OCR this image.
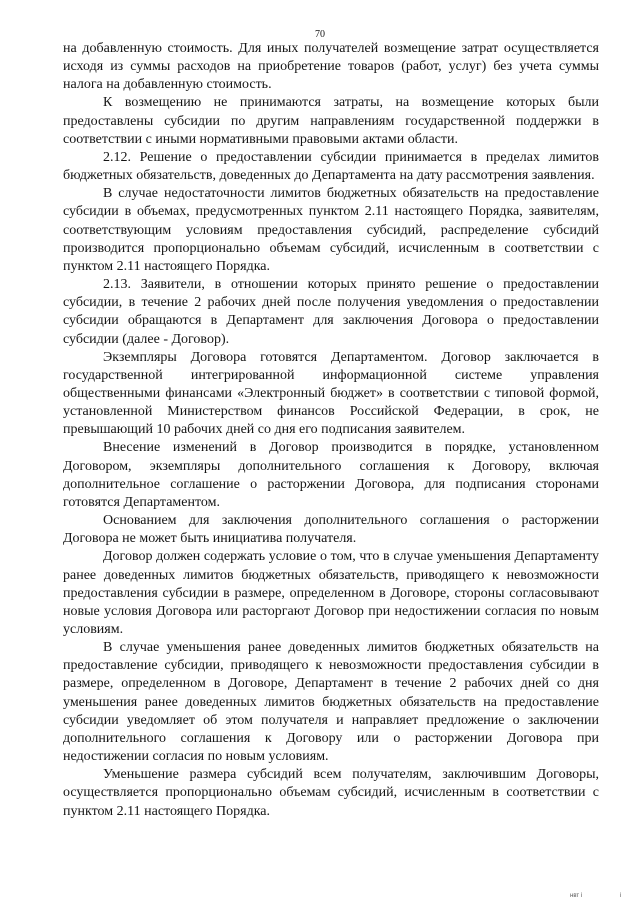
70

на добавленную стоимость. Для иных получателей возмещение затрат осуществляется исходя из суммы расходов на приобретение товаров (работ, услуг) без учета суммы налога на добавленную стоимость.

К возмещению не принимаются затраты, на возмещение которых были предоставлены субсидии по другим направлениям государственной поддержки в соответствии с иными нормативными правовыми актами области.

2.12. Решение о предоставлении субсидии принимается в пределах лимитов бюджетных обязательств, доведенных до Департамента на дату рассмотрения заявления.

В случае недостаточности лимитов бюджетных обязательств на предоставление субсидии в объемах, предусмотренных пунктом 2.11 настоящего Порядка, заявителям, соответствующим условиям предоставления субсидий, распределение субсидий производится пропорционально объемам субсидий, исчисленным в соответствии с пунктом 2.11 настоящего Порядка.

2.13. Заявители, в отношении которых принято решение о предоставлении субсидии, в течение 2 рабочих дней после получения уведомления о предоставлении субсидии обращаются в Департамент для заключения Договора о предоставлении субсидии (далее - Договор).

Экземпляры Договора готовятся Департаментом. Договор заключается в государственной интегрированной информационной системе управления общественными финансами «Электронный бюджет» в соответствии с типовой формой, установленной Министерством финансов Российской Федерации, в срок, не превышающий 10 рабочих дней со дня его подписания заявителем.

Внесение изменений в Договор производится в порядке, установленном Договором, экземпляры дополнительного соглашения к Договору, включая дополнительное соглашение о расторжении Договора, для подписания сторонами готовятся Департаментом.

Основанием для заключения дополнительного соглашения о расторжении Договора не может быть инициатива получателя.

Договор должен содержать условие о том, что в случае уменьшения Департаменту ранее доведенных лимитов бюджетных обязательств, приводящего к невозможности предоставления субсидии в размере, определенном в Договоре, стороны согласовывают новые условия Договора или расторгают Договор при недостижении согласия по новым условиям.

В случае уменьшения ранее доведенных лимитов бюджетных обязательств на предоставление субсидии, приводящего к невозможности предоставления субсидии в размере, определенном в Договоре, Департамент в течение 2 рабочих дней со дня уменьшения ранее доведенных лимитов бюджетных обязательств на предоставление субсидии уведомляет об этом получателя и направляет предложение о заключении дополнительного соглашения к Договору или о расторжении Договора при недостижении согласия по новым условиям.

Уменьшение размера субсидий всем получателям, заключившим Договоры, осуществляется пропорционально объемам субсидий, исчисленным в соответствии с пунктом 2.11 настоящего Порядка.

нвт і	і
